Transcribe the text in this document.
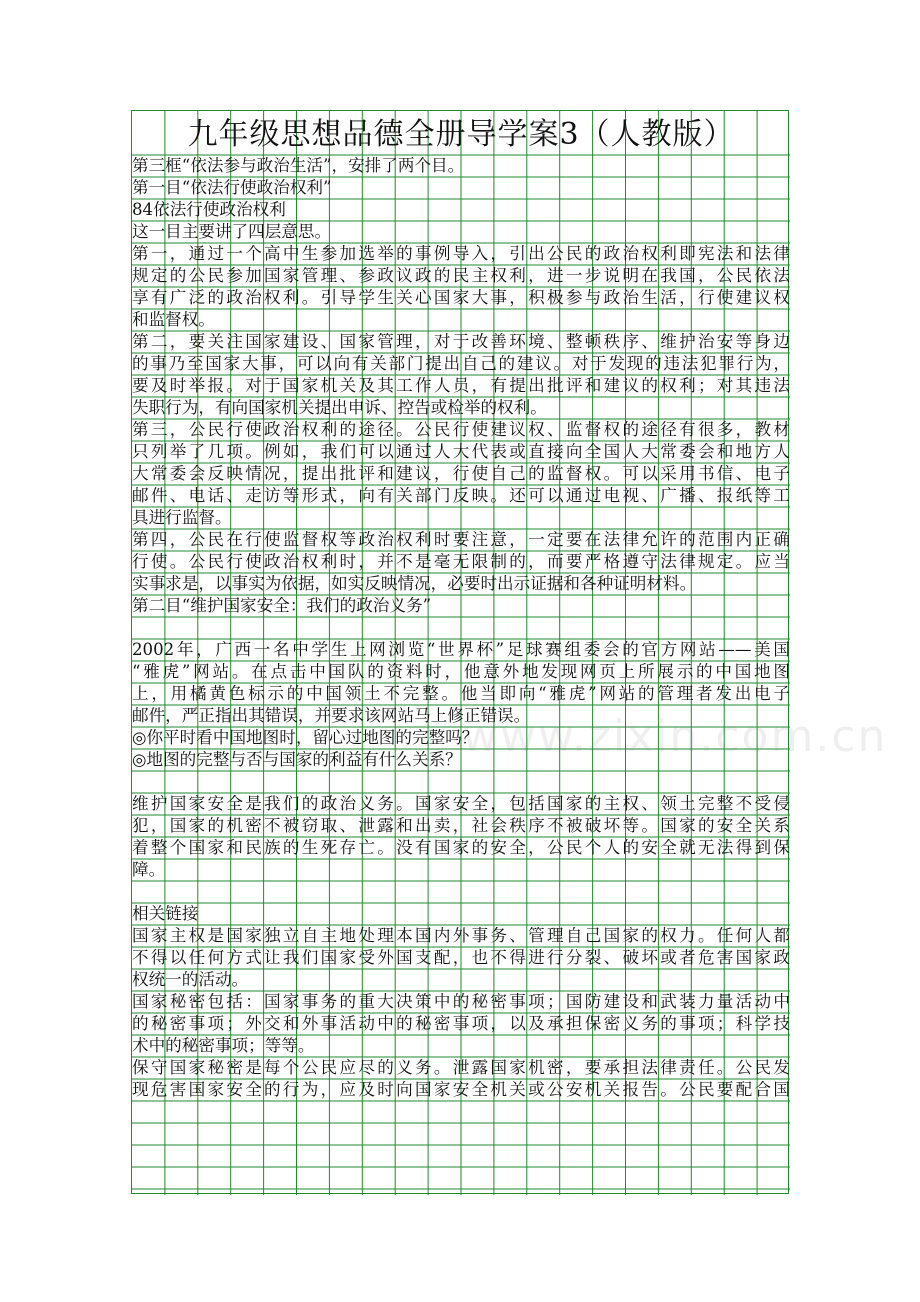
www.zixin.com.cn
九年级思想品德全册导学案3（人教版）
第三框“依法参与政治生活”，安排了两个目。
第一目“依法行使政治权利”
84依法行使政治权利
这一目主要讲了四层意思。
第一，通过一个高中生参加选举的事例导入，引出公民的政治权利即宪法和法律
规定的公民参加国家管理、参政议政的民主权利，进一步说明在我国，公民依法
享有广泛的政治权利。引导学生关心国家大事，积极参与政治生活，行使建议权
和监督权。
第二，要关注国家建设、国家管理，对于改善环境、整顿秩序、维护治安等身边
的事乃至国家大事，可以向有关部门提出自己的建议。对于发现的违法犯罪行为，
要及时举报。对于国家机关及其工作人员，有提出批评和建议的权利；对其违法
失职行为，有向国家机关提出申诉、控告或检举的权利。
第三，公民行使政治权利的途径。公民行使建议权、监督权的途径有很多，教材
只列举了几项。例如，我们可以通过人大代表或直接向全国人大常委会和地方人
大常委会反映情况，提出批评和建议，行使自己的监督权。可以采用书信、电子
邮件、电话、走访等形式，向有关部门反映。还可以通过电视、广播、报纸等工
具进行监督。
第四，公民在行使监督权等政治权利时要注意，一定要在法律允许的范围内正确
行使。公民行使政治权利时，并不是毫无限制的，而要严格遵守法律规定。应当
实事求是，以事实为依据，如实反映情况，必要时出示证据和各种证明材料。
第二目“维护国家安全：我们的政治义务”
2002年，广西一名中学生上网浏览“世界杯”足球赛组委会的官方网站——美国
“雅虎”网站。在点击中国队的资料时，他意外地发现网页上所展示的中国地图
上，用橘黄色标示的中国领土不完整。他当即向“雅虎”网站的管理者发出电子
邮件，严正指出其错误，并要求该网站马上修正错误。
◎你平时看中国地图时，留心过地图的完整吗？
◎地图的完整与否与国家的利益有什么关系？
维护国家安全是我们的政治义务。国家安全，包括国家的主权、领土完整不受侵
犯，国家的机密不被窃取、泄露和出卖，社会秩序不被破坏等。国家的安全关系
着整个国家和民族的生死存亡。没有国家的安全，公民个人的安全就无法得到保
障。
相关链接
国家主权是国家独立自主地处理本国内外事务、管理自己国家的权力。任何人都
不得以任何方式让我们国家受外国支配，也不得进行分裂、破坏或者危害国家政
权统一的活动。
国家秘密包括：国家事务的重大决策中的秘密事项；国防建设和武装力量活动中
的秘密事项；外交和外事活动中的秘密事项，以及承担保密义务的事项；科学技
术中的秘密事项；等等。
保守国家秘密是每个公民应尽的义务。泄露国家机密，要承担法律责任。公民发
现危害国家安全的行为，应及时向国家安全机关或公安机关报告。公民要配合国
